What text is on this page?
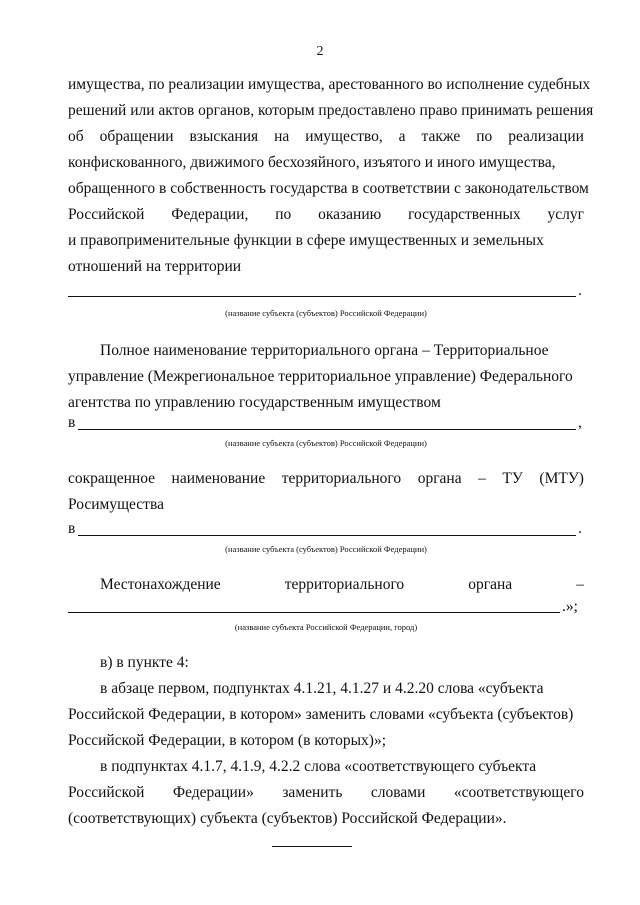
2
имущества, по реализации имущества, арестованного во исполнение судебных
решений или актов органов, которым предоставлено право принимать решения
об обращении взыскания на имущество, а также по реализации
конфискованного, движимого бесхозяйного, изъятого и иного имущества,
обращенного в собственность государства в соответствии с законодательством
Российской Федерации, по оказанию государственных услуг
и правоприменительные функции в сфере имущественных и земельных
отношений на территории
.
(название субъекта (субъектов) Российской Федерации)
Полное наименование территориального органа – Территориальное
управление (Межрегиональное территориальное управление) Федерального
агентства по управлению государственным имуществом
в	,
(название субъекта (субъектов) Российской Федерации)
сокращенное наименование территориального органа – ТУ (МТУ)
Росимущества
в	.
(название субъекта (субъектов) Российской Федерации)
Местонахождение	территориального	органа	–
.»;
(название субъекта Российской Федерации, город)
в) в пункте 4:
в абзаце первом, подпунктах 4.1.21, 4.1.27 и 4.2.20 слова «субъекта
Российской Федерации, в котором» заменить словами «субъекта (субъектов)
Российской Федерации, в котором (в которых)»;
в подпунктах 4.1.7, 4.1.9, 4.2.2 слова «соответствующего субъекта
Российской Федерации» заменить словами «соответствующего
(соответствующих) субъекта (субъектов) Российской Федерации».
